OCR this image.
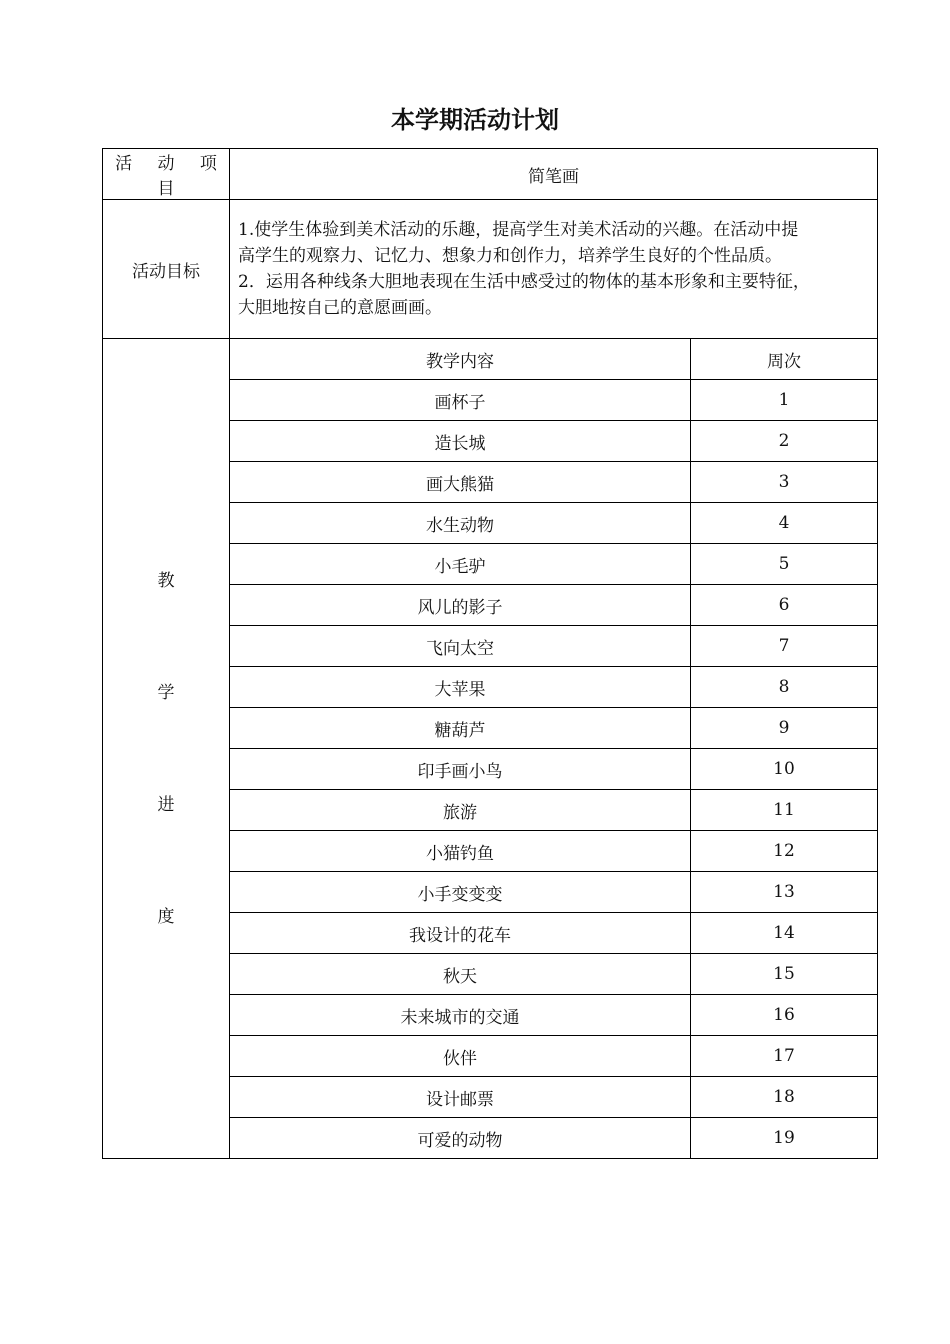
本学期活动计划
活 动 项 目	简笔画	
活动目标	1.使学生体验到美术活动的乐趣，提高学生对美术活动的兴趣。在活动中提
高学生的观察力、记忆力、想象力和创作力，培养学生良好的个性品质。
2．运用各种线条大胆地表现在生活中感受过的物体的基本形象和主要特征，
大胆地按自己的意愿画画。	

教
学
进
度	教学内容	周次
	画杯子	1
	造长城	2
	画大熊猫	3
	水生动物	4
	小毛驴	5
	风儿的影子	6
	飞向太空	7
	大苹果	8
	糖葫芦	9
	印手画小鸟	10
	旅游	11
	小猫钓鱼	12
	小手变变变	13
	我设计的花车	14
	秋天	15
	未来城市的交通	16
	伙伴	17
	设计邮票	18
	可爱的动物	19
